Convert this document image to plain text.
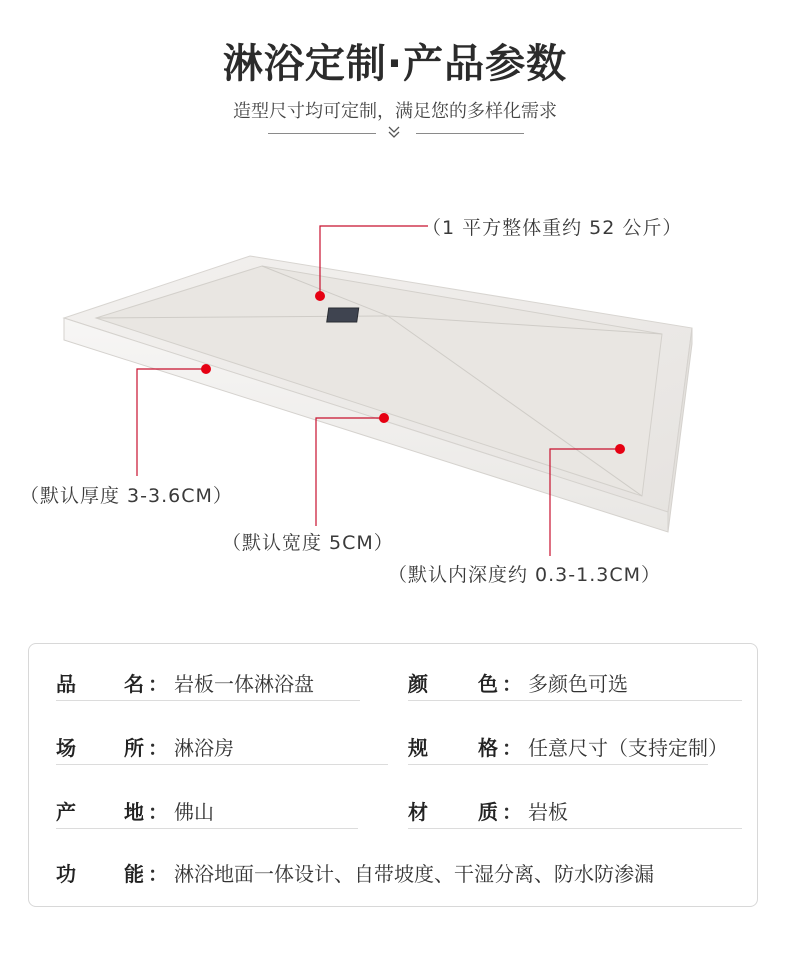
淋浴定制·产品参数
造型尺寸均可定制，满足您的多样化需求
（1 平方整体重约 52 公斤）
（默认厚度 3-3.6CM）
（默认宽度 5CM）
（默认内深度约 0.3-1.3CM）
品 名 ： 岩板一体淋浴盘	颜	色 ： 多颜色可选
场 所 ： 淋浴房	规	格 ： 任意尺寸（支持定制）
产 地 ： 佛山	材	质 ： 岩板
功 能 ： 淋浴地面一体设计、自带坡度、干湿分离、防水防渗漏
